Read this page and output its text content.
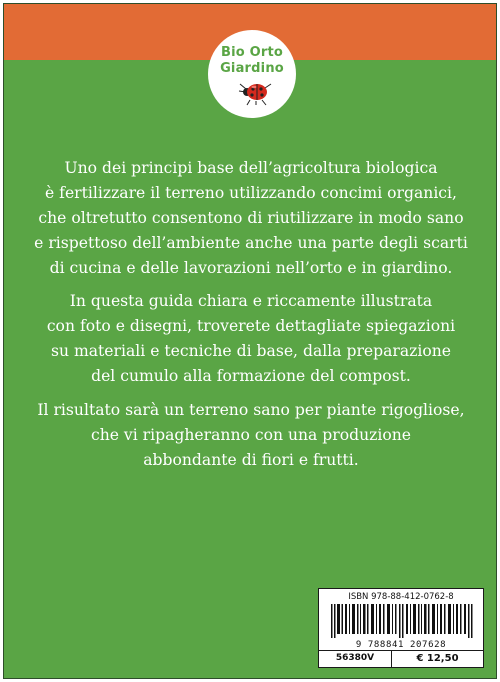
Bio Orto
Giardino
Uno dei principi base dell’agricoltura biologica
è fertilizzare il terreno utilizzando concimi organici,
che oltretutto consentono di riutilizzare in modo sano
e rispettoso dell’ambiente anche una parte degli scarti
di cucina e delle lavorazioni nell’orto e in giardino.
In questa guida chiara e riccamente illustrata
con foto e disegni, troverete dettagliate spiegazioni
su materiali e tecniche di base, dalla preparazione
del cumulo alla formazione del compost.
Il risultato sarà un terreno sano per piante rigogliose,
che vi ripagheranno con una produzione
abbondante di fiori e frutti.
ISBN 978-88-412-0762-8
9 788841 207628
56380V	€ 12,50
